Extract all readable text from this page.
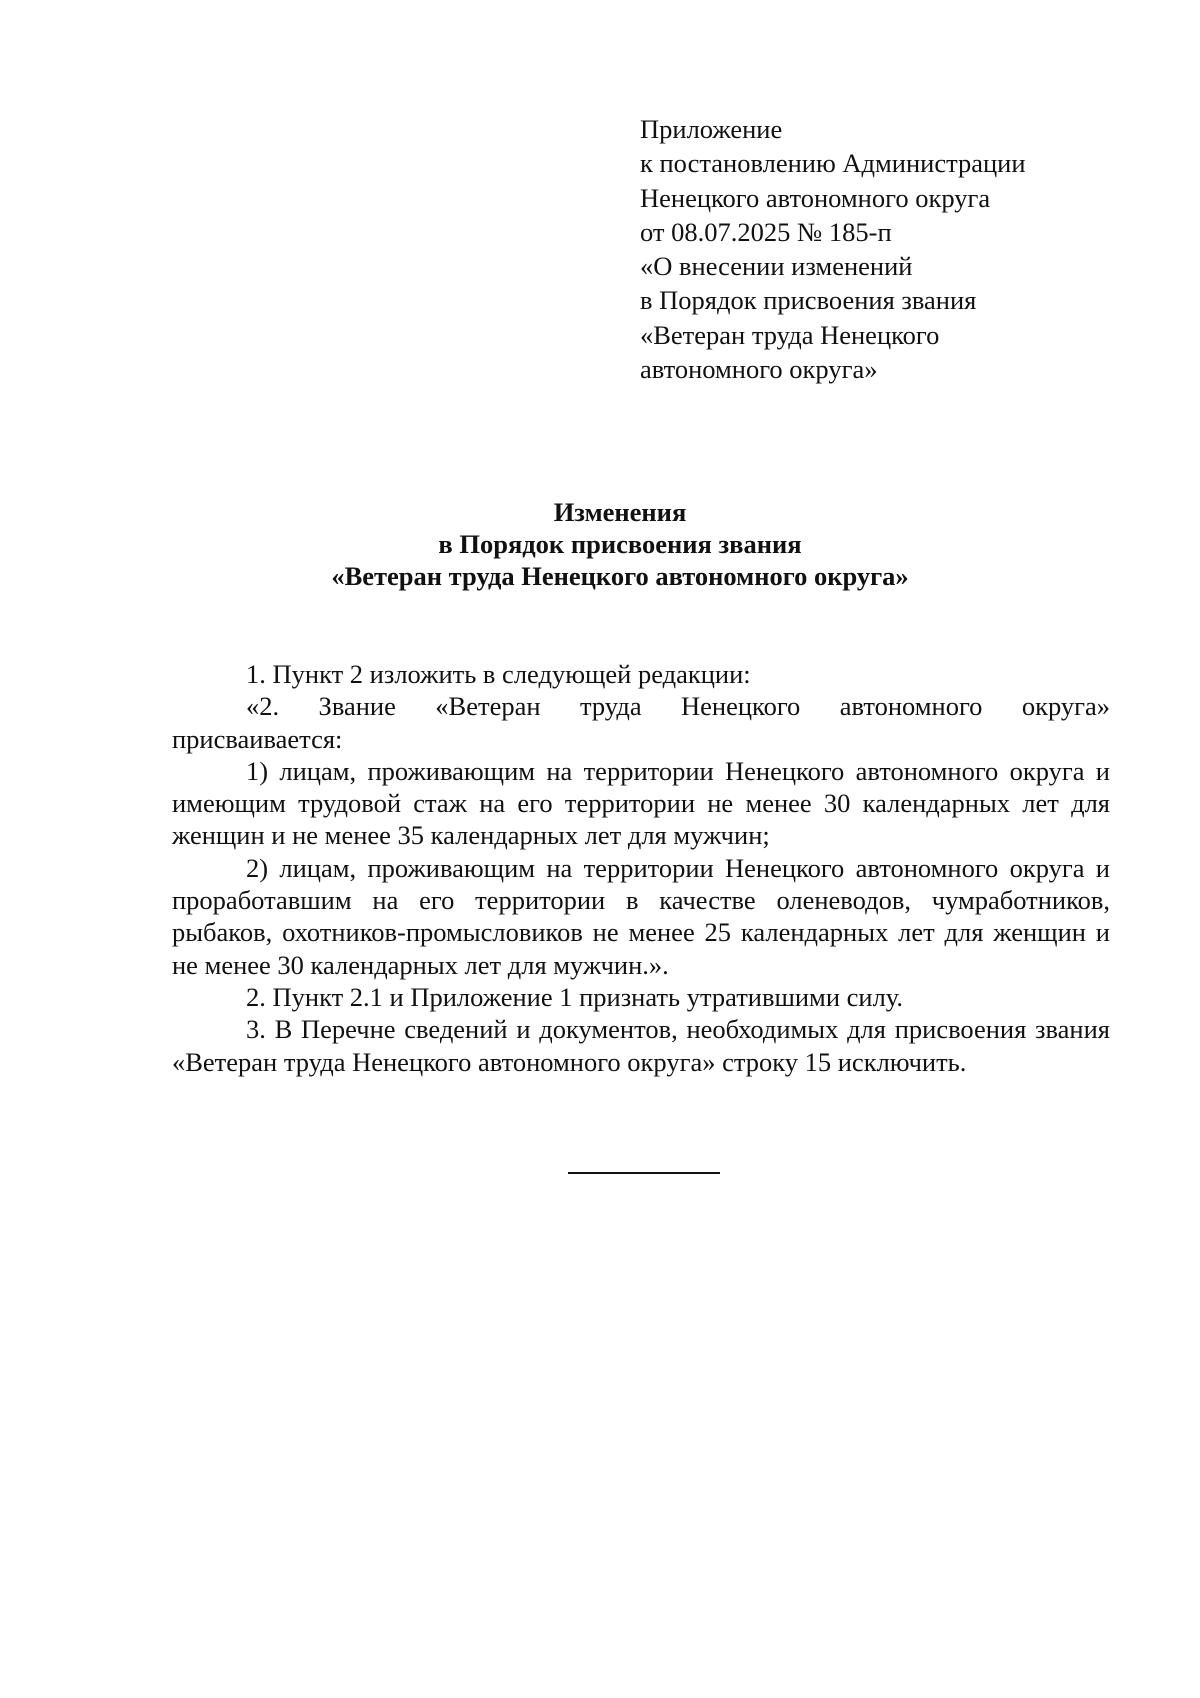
Приложение
к постановлению Администрации
Ненецкого автономного округа
от 08.07.2025 № 185-п
«О внесении изменений
в Порядок присвоения звания
«Ветеран труда Ненецкого
автономного округа»
Изменения
в Порядок присвоения звания
«Ветеран труда Ненецкого автономного округа»

1. Пункт 2 изложить в следующей редакции:

«2. Звание «Ветеран труда Ненецкого автономного округа»

присваивается:

1) лицам, проживающим на территории Ненецкого автономного округа и имеющим трудовой стаж на его территории не менее 30 календарных лет для женщин и не менее 35 календарных лет для мужчин;

2) лицам, проживающим на территории Ненецкого автономного округа и проработавшим на его территории в качестве оленеводов, чумработников, рыбаков, охотников-промысловиков не менее 25 календарных лет для женщин и не менее 30 календарных лет для мужчин.».

2. Пункт 2.1 и Приложение 1 признать утратившими силу.

3. В Перечне сведений и документов, необходимых для присвоения звания «Ветеран труда Ненецкого автономного округа» строку 15 исключить.
